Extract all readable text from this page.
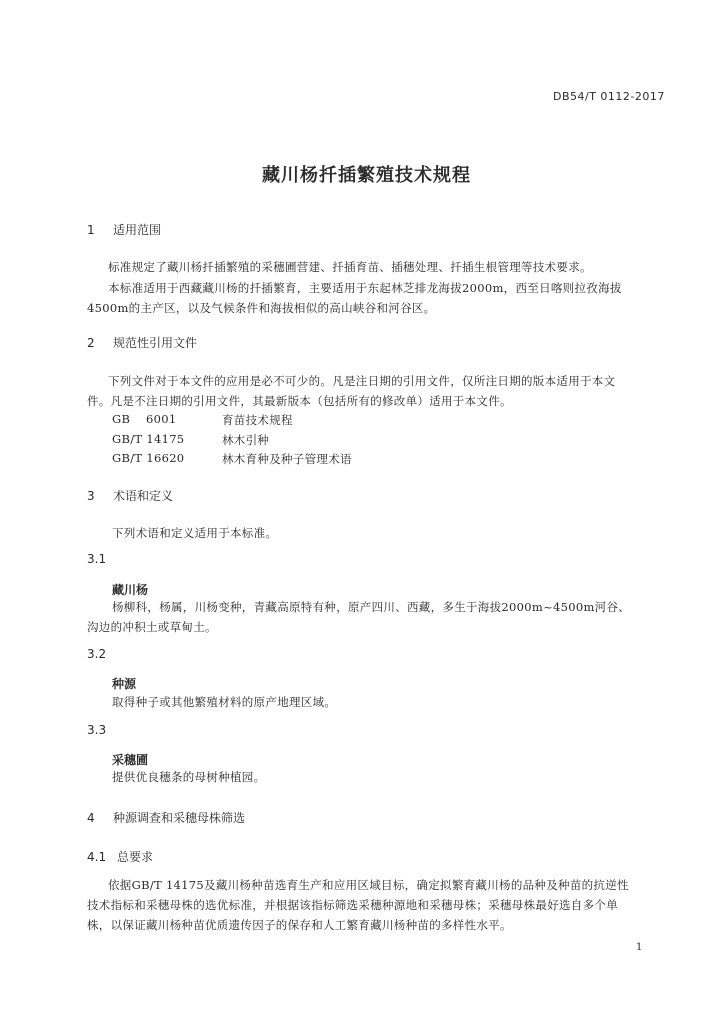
DB54/T 0112-2017
藏川杨扦插繁殖技术规程
1 适用范围
标准规定了藏川杨扦插繁殖的采穗圃营建、扦插育苗、插穗处理、扦插生根管理等技术要求。
本标准适用于西藏藏川杨的扦插繁育，主要适用于东起林芝排龙海拔2000m，西至日喀则拉孜海拔
4500m的主产区，以及气候条件和海拔相似的高山峡谷和河谷区。
2 规范性引用文件
下列文件对于本文件的应用是必不可少的。凡是注日期的引用文件，仅所注日期的版本适用于本文
件。凡是不注日期的引用文件，其最新版本（包括所有的修改单）适用于本文件。
GB    6001	育苗技术规程
GB/T 14175	林木引种
GB/T 16620	林木育种及种子管理术语
3 术语和定义
下列术语和定义适用于本标准。
3.1
藏川杨
杨柳科，杨属，川杨变种，青藏高原特有种，原产四川、西藏，多生于海拔2000m~4500m河谷、
沟边的冲积土或草甸土。
3.2
种源
取得种子或其他繁殖材料的原产地理区域。
3.3
采穗圃
提供优良穗条的母树种植园。
4 种源调查和采穗母株筛选
4.1 总要求
依据GB/T 14175及藏川杨种苗选育生产和应用区域目标，确定拟繁育藏川杨的品种及种苗的抗逆性
技术指标和采穗母株的选优标准，并根据该指标筛选采穗种源地和采穗母株；采穗母株最好选自多个单
株，以保证藏川杨种苗优质遗传因子的保存和人工繁育藏川杨种苗的多样性水平。
1
